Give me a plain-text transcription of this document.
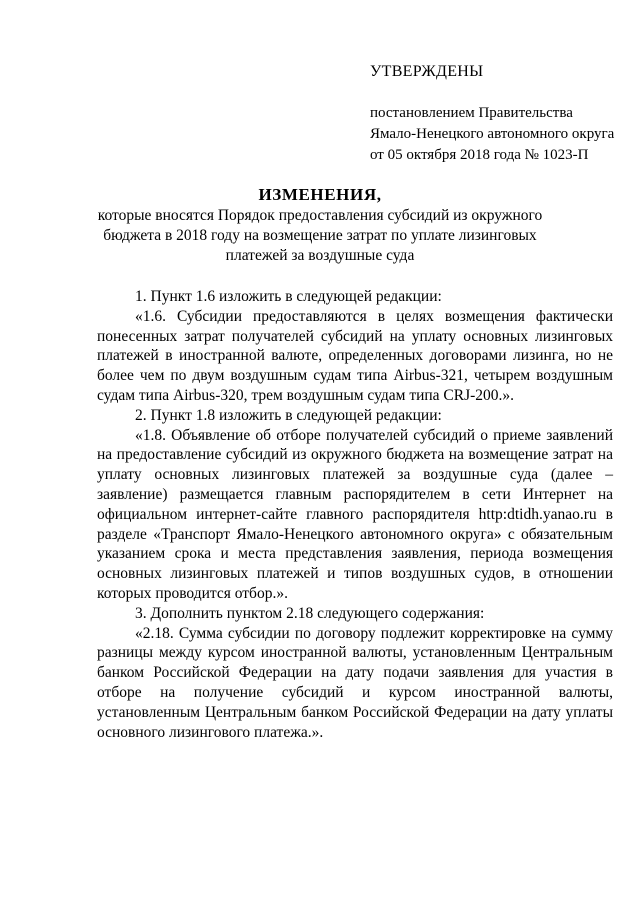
УТВЕРЖДЕНЫ

постановлением Правительства

Ямало-Ненецкого автономного округа

от 05 октября 2018 года № 1023-П

ИЗМЕНЕНИЯ,

которые вносятся Порядок предоставления субсидий из окружного бюджета в 2018 году на возмещение затрат по уплате лизинговых платежей за воздушные суда

1. Пункт 1.6 изложить в следующей редакции:

«1.6. Субсидии предоставляются в целях возмещения фактически понесенных затрат получателей субсидий на уплату основных лизинговых платежей в иностранной валюте, определенных договорами лизинга, но не более чем по двум воздушным судам типа Airbus-321, четырем воздушным судам типа Airbus-320, трем воздушным судам типа CRJ-200.».

2. Пункт 1.8 изложить в следующей редакции:

«1.8. Объявление об отборе получателей субсидий о приеме заявлений на предоставление субсидий из окружного бюджета на возмещение затрат на уплату основных лизинговых платежей за воздушные суда (далее – заявление) размещается главным распорядителем в сети Интернет на официальном интернет-сайте главного распорядителя http:dtidh.yanao.ru в разделе «Транспорт Ямало-Ненецкого автономного округа» с обязательным указанием срока и места представления заявления, периода возмещения основных лизинговых платежей и типов воздушных судов, в отношении которых проводится отбор.».

3. Дополнить пунктом 2.18 следующего содержания:

«2.18. Сумма субсидии по договору подлежит корректировке на сумму разницы между курсом иностранной валюты, установленным Центральным банком Российской Федерации на дату подачи заявления для участия в отборе на получение субсидий и курсом иностранной валюты, установленным Центральным банком Российской Федерации на дату уплаты основного лизингового платежа.».
